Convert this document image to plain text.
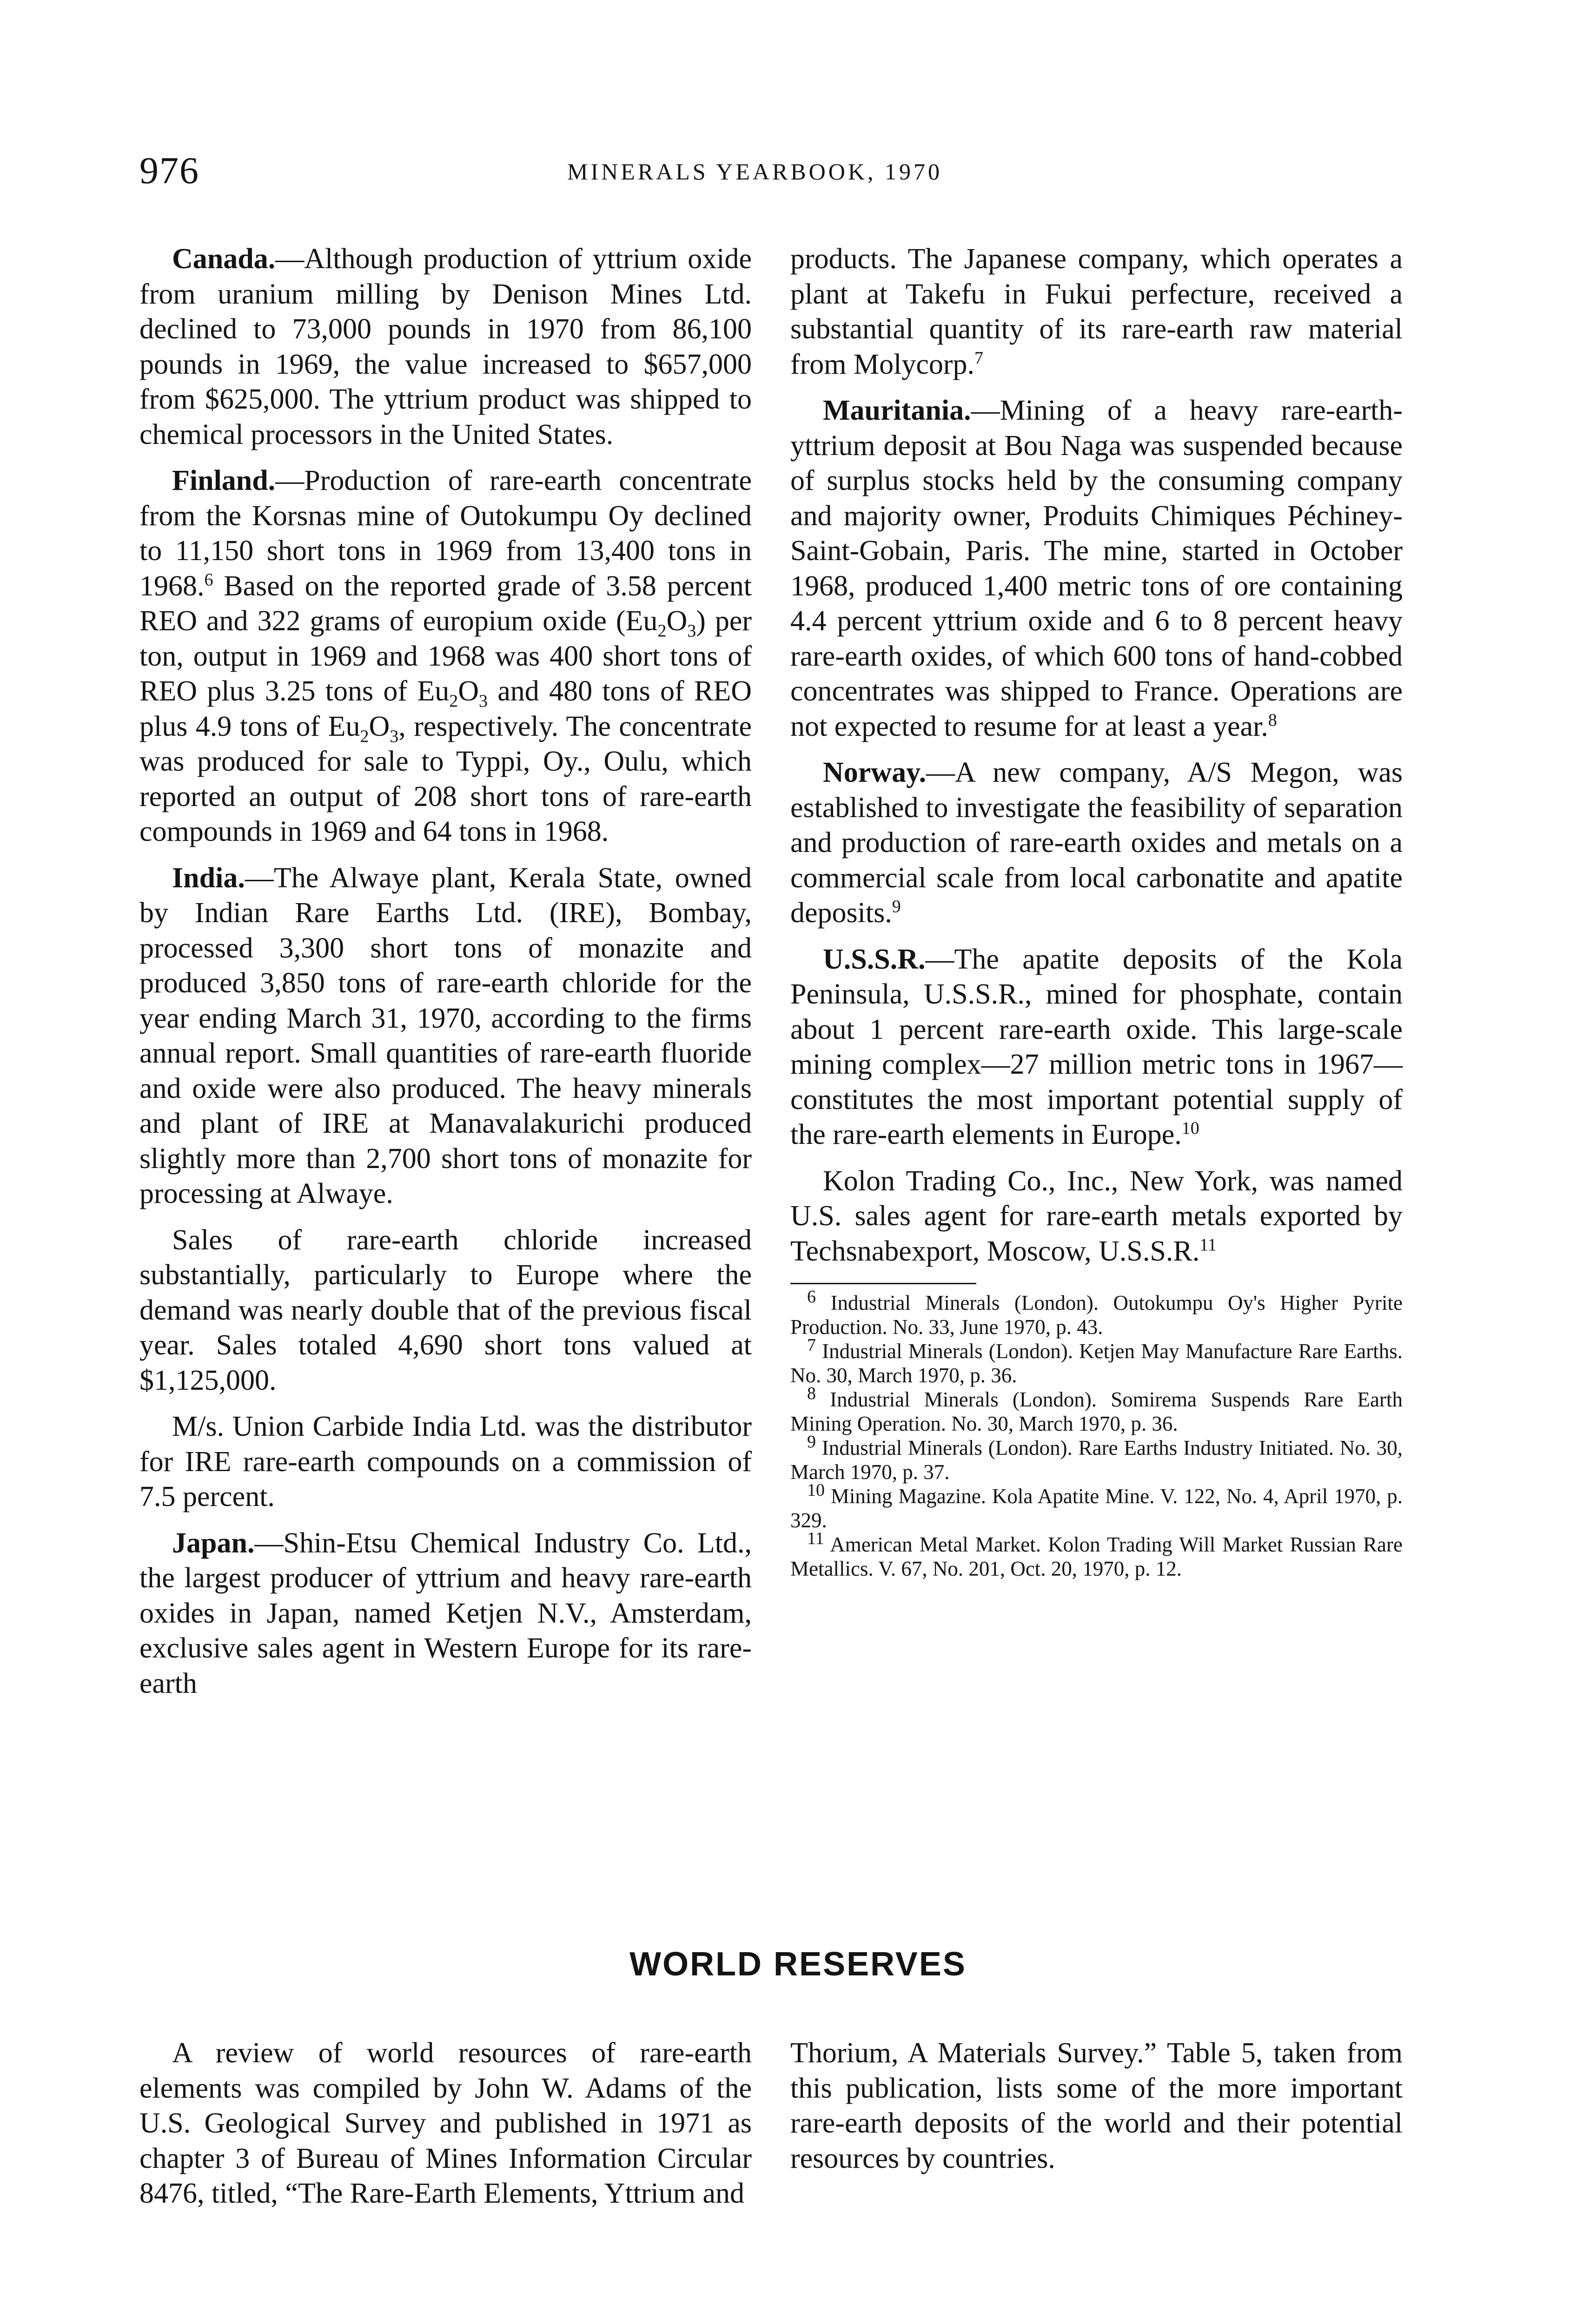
976	MINERALS YEARBOOK, 1970

Canada.—Although production of yttrium oxide from uranium milling by Denison Mines Ltd. declined to 73,000 pounds in 1970 from 86,100 pounds in 1969, the value increased to $657,000 from $625,000. The yttrium product was shipped to chemical processors in the United States.

Finland.—Production of rare-earth concentrate from the Korsnas mine of Outokumpu Oy declined to 11,150 short tons in 1969 from 13,400 tons in 1968.$^6$ Based on the reported grade of 3.58 percent REO and 322 grams of europium oxide $(Eu_2O_3)$ per ton, output in 1969 and 1968 was 400 short tons of REO plus 3.25 tons of $Eu_2O_3$ and 480 tons of REO plus 4.9 tons of $Eu_2O_3$, respectively. The concentrate was produced for sale to Typpi, Oy., Oulu, which reported an output of 208 short tons of rare-earth compounds in 1969 and 64 tons in 1968.

India.—The Alwaye plant, Kerala State, owned by Indian Rare Earths Ltd. (IRE), Bombay, processed 3,300 short tons of monazite and produced 3,850 tons of rare-earth chloride for the year ending March 31, 1970, according to the firms annual report. Small quantities of rare-earth fluoride and oxide were also produced. The heavy minerals and plant of IRE at Manavalakurichi produced slightly more than 2,700 short tons of monazite for processing at Alwaye.

Sales of rare-earth chloride increased substantially, particularly to Europe where the demand was nearly double that of the previous fiscal year. Sales totaled 4,690 short tons valued at $1,125,000.

M/s. Union Carbide India Ltd. was the distributor for IRE rare-earth compounds on a commission of 7.5 percent.

Japan.—Shin-Etsu Chemical Industry Co. Ltd., the largest producer of yttrium and heavy rare-earth oxides in Japan, named Ketjen N.V., Amsterdam, exclusive sales agent in Western Europe for its rare-earth

products. The Japanese company, which operates a plant at Takefu in Fukui perfecture, received a substantial quantity of its rare-earth raw material from Molycorp.$^7$

Mauritania.—Mining of a heavy rare-earth-yttrium deposit at Bou Naga was suspended because of surplus stocks held by the consuming company and majority owner, Produits Chimiques Péchiney-Saint-Gobain, Paris. The mine, started in October 1968, produced 1,400 metric tons of ore containing 4.4 percent yttrium oxide and 6 to 8 percent heavy rare-earth oxides, of which 600 tons of hand-cobbed concentrates was shipped to France. Operations are not expected to resume for at least a year.$^8$

Norway.—A new company, A/S Megon, was established to investigate the feasibility of separation and production of rare-earth oxides and metals on a commercial scale from local carbonatite and apatite deposits.$^9$

U.S.S.R.—The apatite deposits of the Kola Peninsula, U.S.S.R., mined for phosphate, contain about 1 percent rare-earth oxide. This large-scale mining complex—27 million metric tons in 1967—constitutes the most important potential supply of the rare-earth elements in Europe.$^{10}$

Kolon Trading Co., Inc., New York, was named U.S. sales agent for rare-earth metals exported by Techsnabexport, Moscow, U.S.S.R.$^{11}$

$^6$ Industrial Minerals (London). Outokumpu Oy's Higher Pyrite Production. No. 33, June 1970, p. 43.

$^7$ Industrial Minerals (London). Ketjen May Manufacture Rare Earths. No. 30, March 1970, p. 36.

$^8$ Industrial Minerals (London). Somirema Suspends Rare Earth Mining Operation. No. 30, March 1970, p. 36.

$^9$ Industrial Minerals (London). Rare Earths Industry Initiated. No. 30, March 1970, p. 37.

$^{10}$ Mining Magazine. Kola Apatite Mine. V. 122, No. 4, April 1970, p. 329.

$^{11}$ American Metal Market. Kolon Trading Will Market Russian Rare Metallics. V. 67, No. 201, Oct. 20, 1970, p. 12.

WORLD RESERVES

A review of world resources of rare-earth elements was compiled by John W. Adams of the U.S. Geological Survey and published in 1971 as chapter 3 of Bureau of Mines Information Circular 8476, titled, “The Rare-Earth Elements, Yttrium and

Thorium, A Materials Survey.” Table 5, taken from this publication, lists some of the more important rare-earth deposits of the world and their potential resources by countries.
